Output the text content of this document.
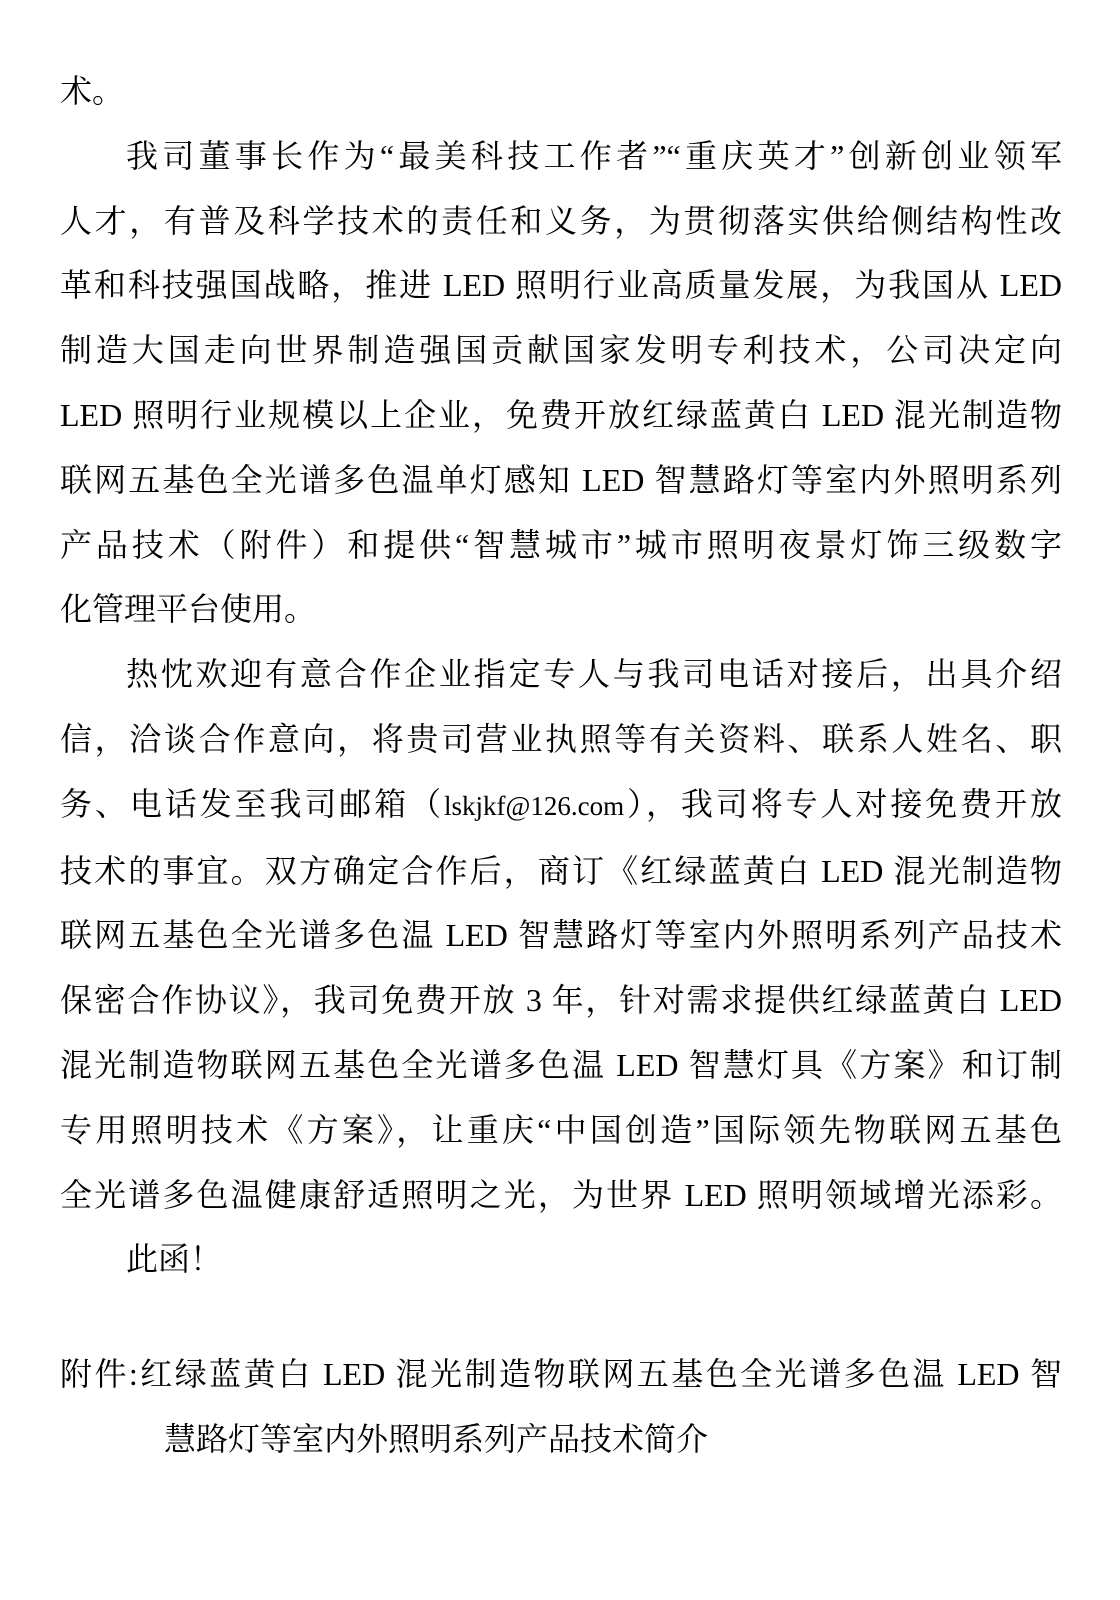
术。
我司董事长作为“最美科技工作者”“重庆英才”创新创业领军
人才，有普及科学技术的责任和义务，为贯彻落实供给侧结构性改
革和科技强国战略，推进 LED 照明行业高质量发展，为我国从 LED
制造大国走向世界制造强国贡献国家发明专利技术，公司决定向
LED 照明行业规模以上企业，免费开放红绿蓝黄白 LED 混光制造物
联网五基色全光谱多色温单灯感知 LED 智慧路灯等室内外照明系列
产品技术（附件）和提供“智慧城市”城市照明夜景灯饰三级数字
化管理平台使用。
热忱欢迎有意合作企业指定专人与我司电话对接后，出具介绍
信，洽谈合作意向，将贵司营业执照等有关资料、联系人姓名、职
务、电话发至我司邮箱（lskjkf@126.com），我司将专人对接免费开放
技术的事宜。双方确定合作后，商订《红绿蓝黄白 LED 混光制造物
联网五基色全光谱多色温 LED 智慧路灯等室内外照明系列产品技术
保密合作协议》，我司免费开放 3 年，针对需求提供红绿蓝黄白 LED
混光制造物联网五基色全光谱多色温 LED 智慧灯具《方案》和订制
专用照明技术《方案》，让重庆“中国创造”国际领先物联网五基色
全光谱多色温健康舒适照明之光，为世界 LED 照明领域增光添彩。
此函！
附件:红绿蓝黄白 LED 混光制造物联网五基色全光谱多色温 LED 智
慧路灯等室内外照明系列产品技术简介
